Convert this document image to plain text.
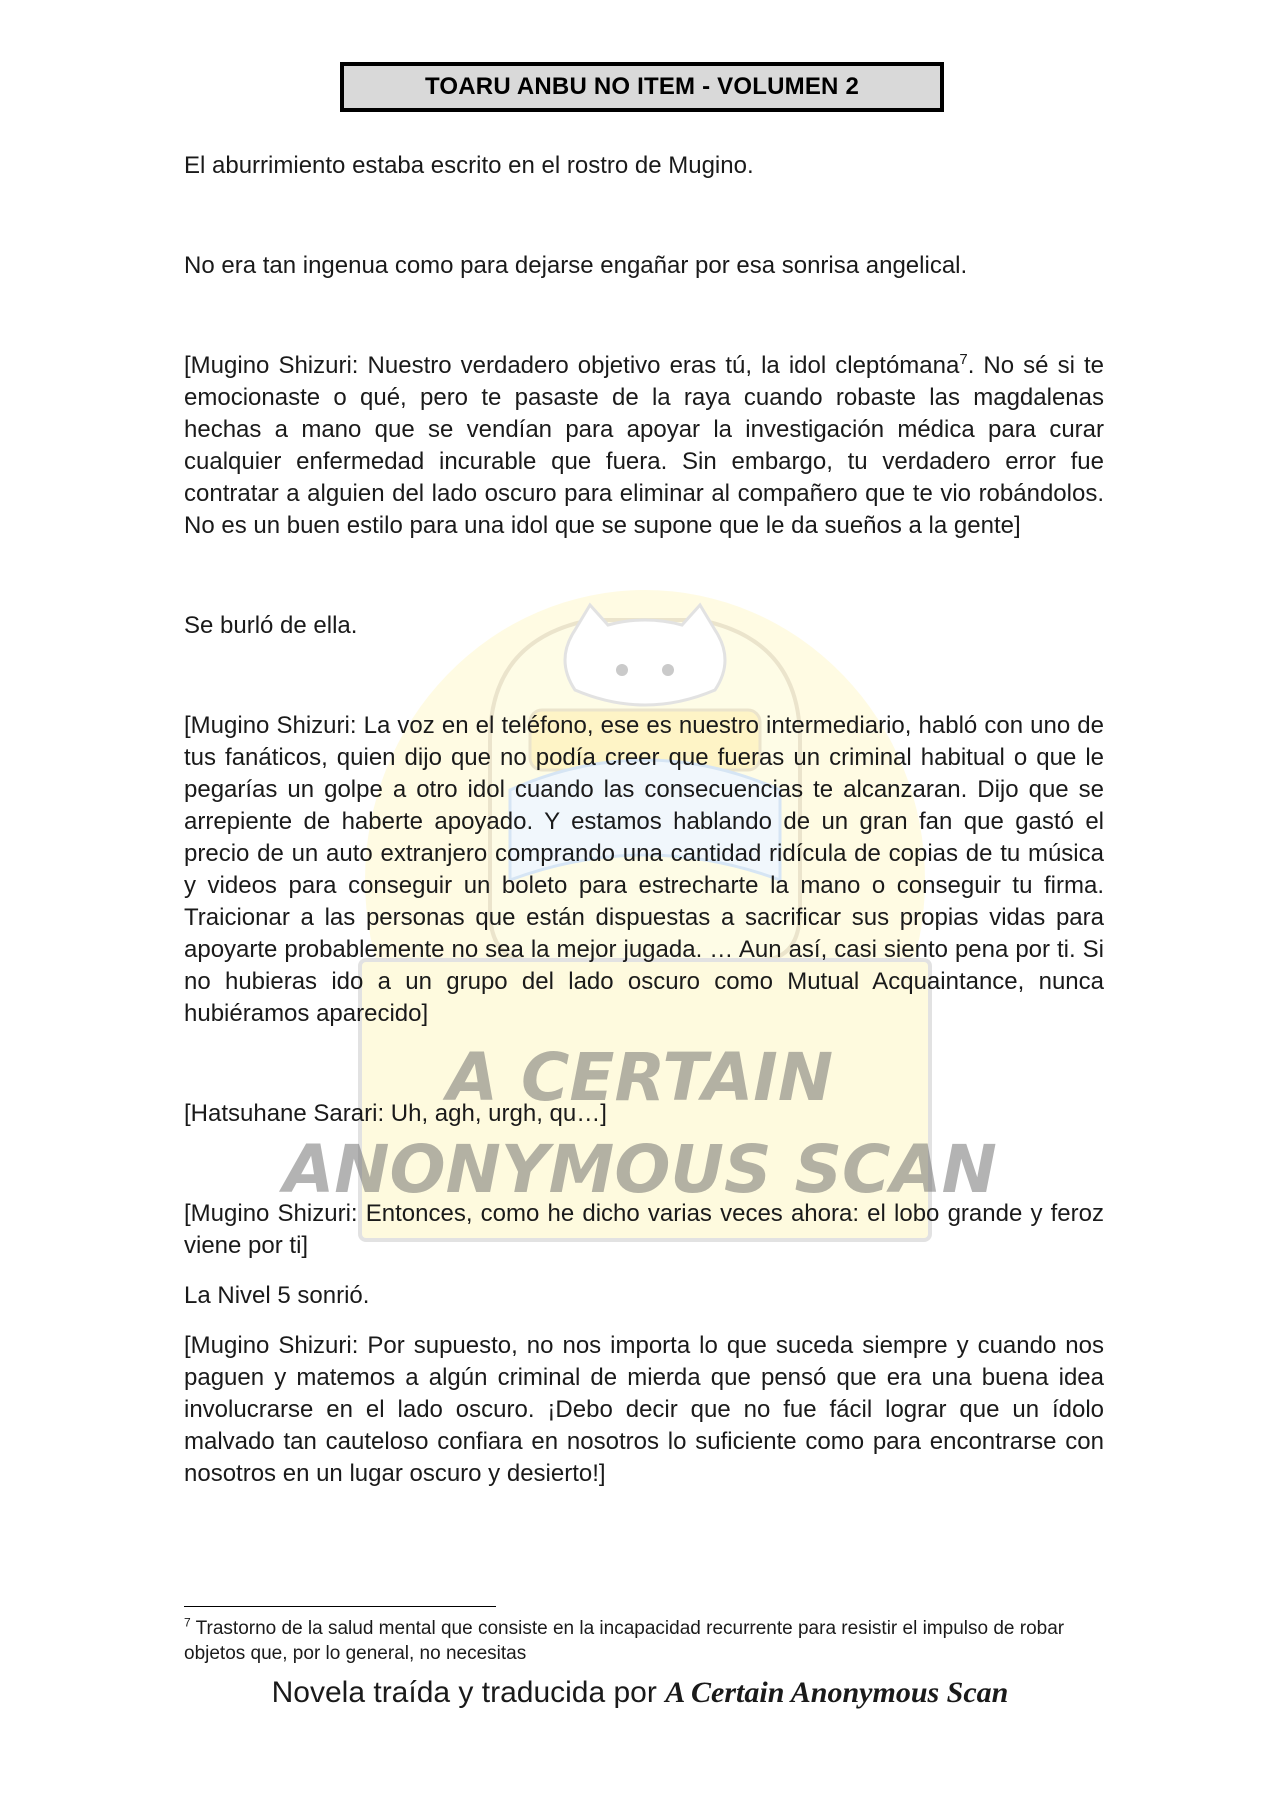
TOARU ANBU NO ITEM - VOLUMEN 2
A CERTAIN
ANONYMOUS SCAN

El aburrimiento estaba escrito en el rostro de Mugino.

No era tan ingenua como para dejarse engañar por esa sonrisa angelical.

[Mugino Shizuri: Nuestro verdadero objetivo eras tú, la idol cleptómana$^7$. No sé si te emocionaste o qué, pero te pasaste de la raya cuando robaste las magdalenas hechas a mano que se vendían para apoyar la investigación médica para curar cualquier enfermedad incurable que fuera. Sin embargo, tu verdadero error fue contratar a alguien del lado oscuro para eliminar al compañero que te vio robándolos. No es un buen estilo para una idol que se supone que le da sueños a la gente]

Se burló de ella.

[Mugino Shizuri: La voz en el teléfono, ese es nuestro intermediario, habló con uno de tus fanáticos, quien dijo que no podía creer que fueras un criminal habitual o que le pegarías un golpe a otro idol cuando las consecuencias te alcanzaran. Dijo que se arrepiente de haberte apoyado. Y estamos hablando de un gran fan que gastó el precio de un auto extranjero comprando una cantidad ridícula de copias de tu música y videos para conseguir un boleto para estrecharte la mano o conseguir tu firma. Traicionar a las personas que están dispuestas a sacrificar sus propias vidas para apoyarte probablemente no sea la mejor jugada. … Aun así, casi siento pena por ti. Si no hubieras ido a un grupo del lado oscuro como Mutual Acquaintance, nunca hubiéramos aparecido]

[Hatsuhane Sarari: Uh, agh, urgh, qu…]

[Mugino Shizuri: Entonces, como he dicho varias veces ahora: el lobo grande y feroz viene por ti]

La Nivel 5 sonrió.

[Mugino Shizuri: Por supuesto, no nos importa lo que suceda siempre y cuando nos paguen y matemos a algún criminal de mierda que pensó que era una buena idea involucrarse en el lado oscuro. ¡Debo decir que no fue fácil lograr que un ídolo malvado tan cauteloso confiara en nosotros lo suficiente como para encontrarse con nosotros en un lugar oscuro y desierto!]

$^7$ Trastorno de la salud mental que consiste en la incapacidad recurrente para resistir el impulso de robar objetos que, por lo general, no necesitas

Novela traída y traducida por A Certain Anonymous Scan
